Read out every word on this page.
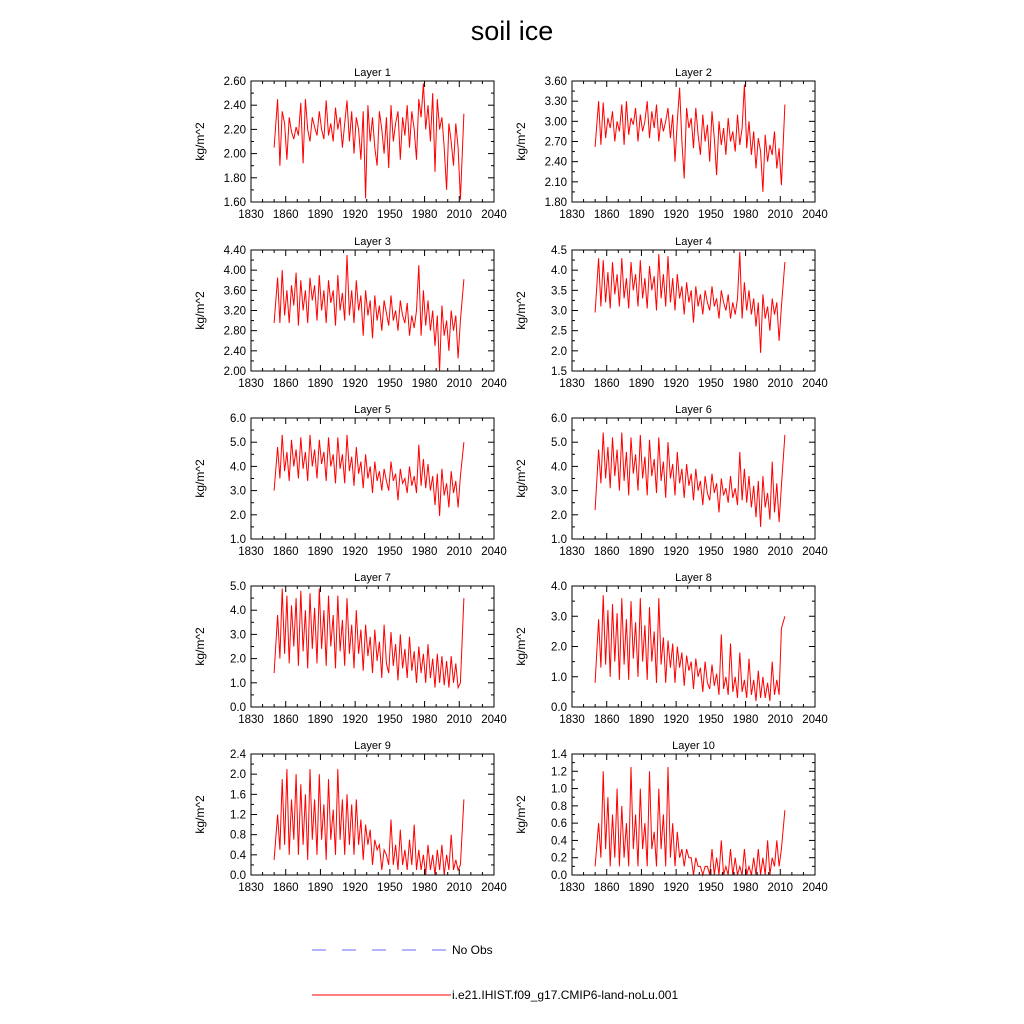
soil ice
Layer 1
1830 1860 1890 1920 1950 1980 2010 2040
1.60
1.80
2.00
2.20
2.40
2.60
kg/m^2
Layer 2
1830 1860 1890 1920 1950 1980 2010 2040
1.80
2.10
2.40
2.70
3.00
3.30
3.60
kg/m^2
Layer 3
1830 1860 1890 1920 1950 1980 2010 2040
2.00
2.40
2.80
3.20
3.60
4.00
4.40
kg/m^2
Layer 4
1830 1860 1890 1920 1950 1980 2010 2040
1.5
2.0
2.5
3.0
3.5
4.0
4.5
kg/m^2
Layer 5
1830 1860 1890 1920 1950 1980 2010 2040
1.0
2.0
3.0
4.0
5.0
6.0
kg/m^2
Layer 6
1830 1860 1890 1920 1950 1980 2010 2040
1.0
2.0
3.0
4.0
5.0
6.0
kg/m^2
Layer 7
1830 1860 1890 1920 1950 1980 2010 2040
0.0
1.0
2.0
3.0
4.0
5.0
kg/m^2
Layer 8
1830 1860 1890 1920 1950 1980 2010 2040
0.0
1.0
2.0
3.0
4.0
kg/m^2
Layer 9
1830 1860 1890 1920 1950 1980 2010 2040
0.0
0.4
0.8
1.2
1.6
2.0
2.4
kg/m^2
Layer 10
1830 1860 1890 1920 1950 1980 2010 2040
0.0
0.2
0.4
0.6
0.8
1.0
1.2
1.4
kg/m^2
No Obs
i.e21.IHIST.f09_g17.CMIP6-land-noLu.001
